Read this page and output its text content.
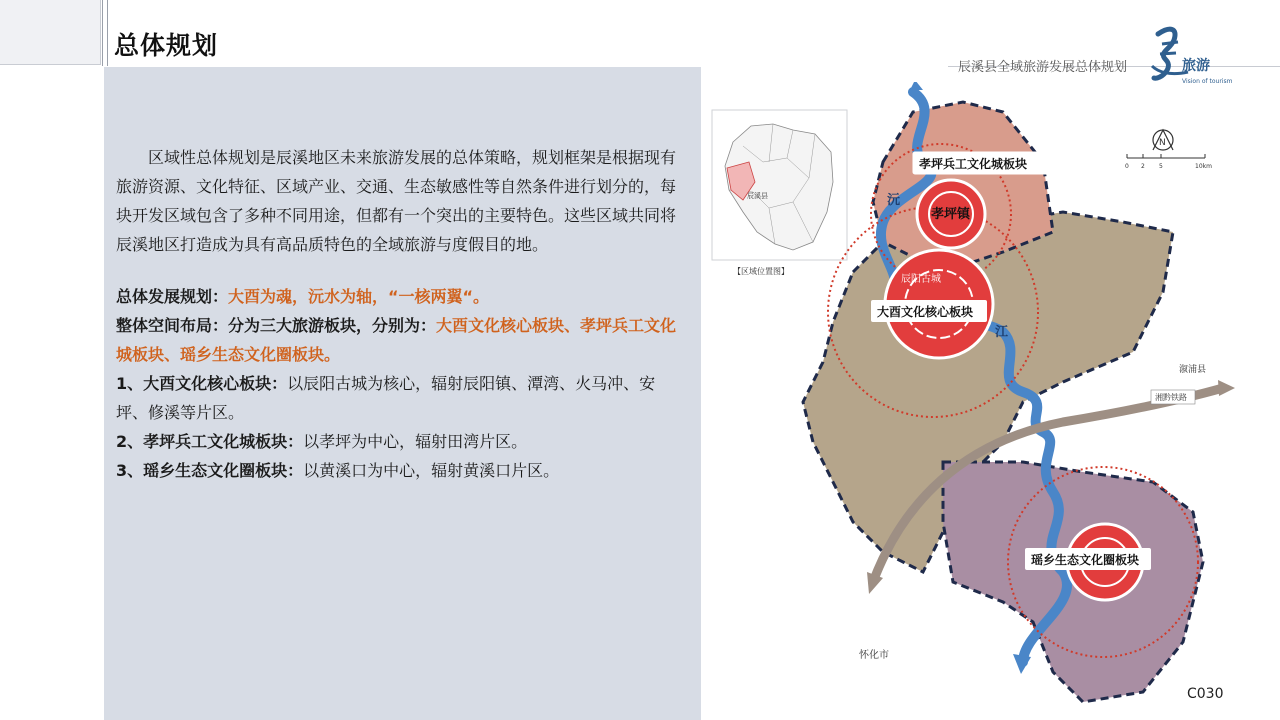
总体规划
辰溪县全域旅游发展总体规划	旅游
Vision of tourism

区域性总体规划是辰溪地区未来旅游发展的总体策略，规划框架是根据现有旅游资源、文化特征、区域产业、交通、生态敏感性等自然条件进行划分的，每块开发区域包含了多种不同用途，但都有一个突出的主要特色。这些区域共同将辰溪地区打造成为具有高品质特色的全域旅游与度假目的地。

总体发展规划：大酉为魂，沅水为轴，“一核两翼“。

整体空间布局：分为三大旅游板块，分别为：大酉文化核心板块、孝坪兵工文化城板块、瑶乡生态文化圈板块。

1、大酉文化核心板块：以辰阳古城为核心，辐射辰阳镇、潭湾、火马冲、安坪、修溪等片区。

2、孝坪兵工文化城板块：以孝坪为中心，辐射田湾片区。

3、瑶乡生态文化圈板块：以黄溪口为中心，辐射黄溪口片区。

辰溪县
【区域位置图】
湘黔铁路
孝坪兵工文化城板块
孝坪镇
辰阳古城
大酉文化核心板块
瑶乡生态文化圈板块
沅
江
溆浦县
怀化市
N
0 2 5	10km
C030
